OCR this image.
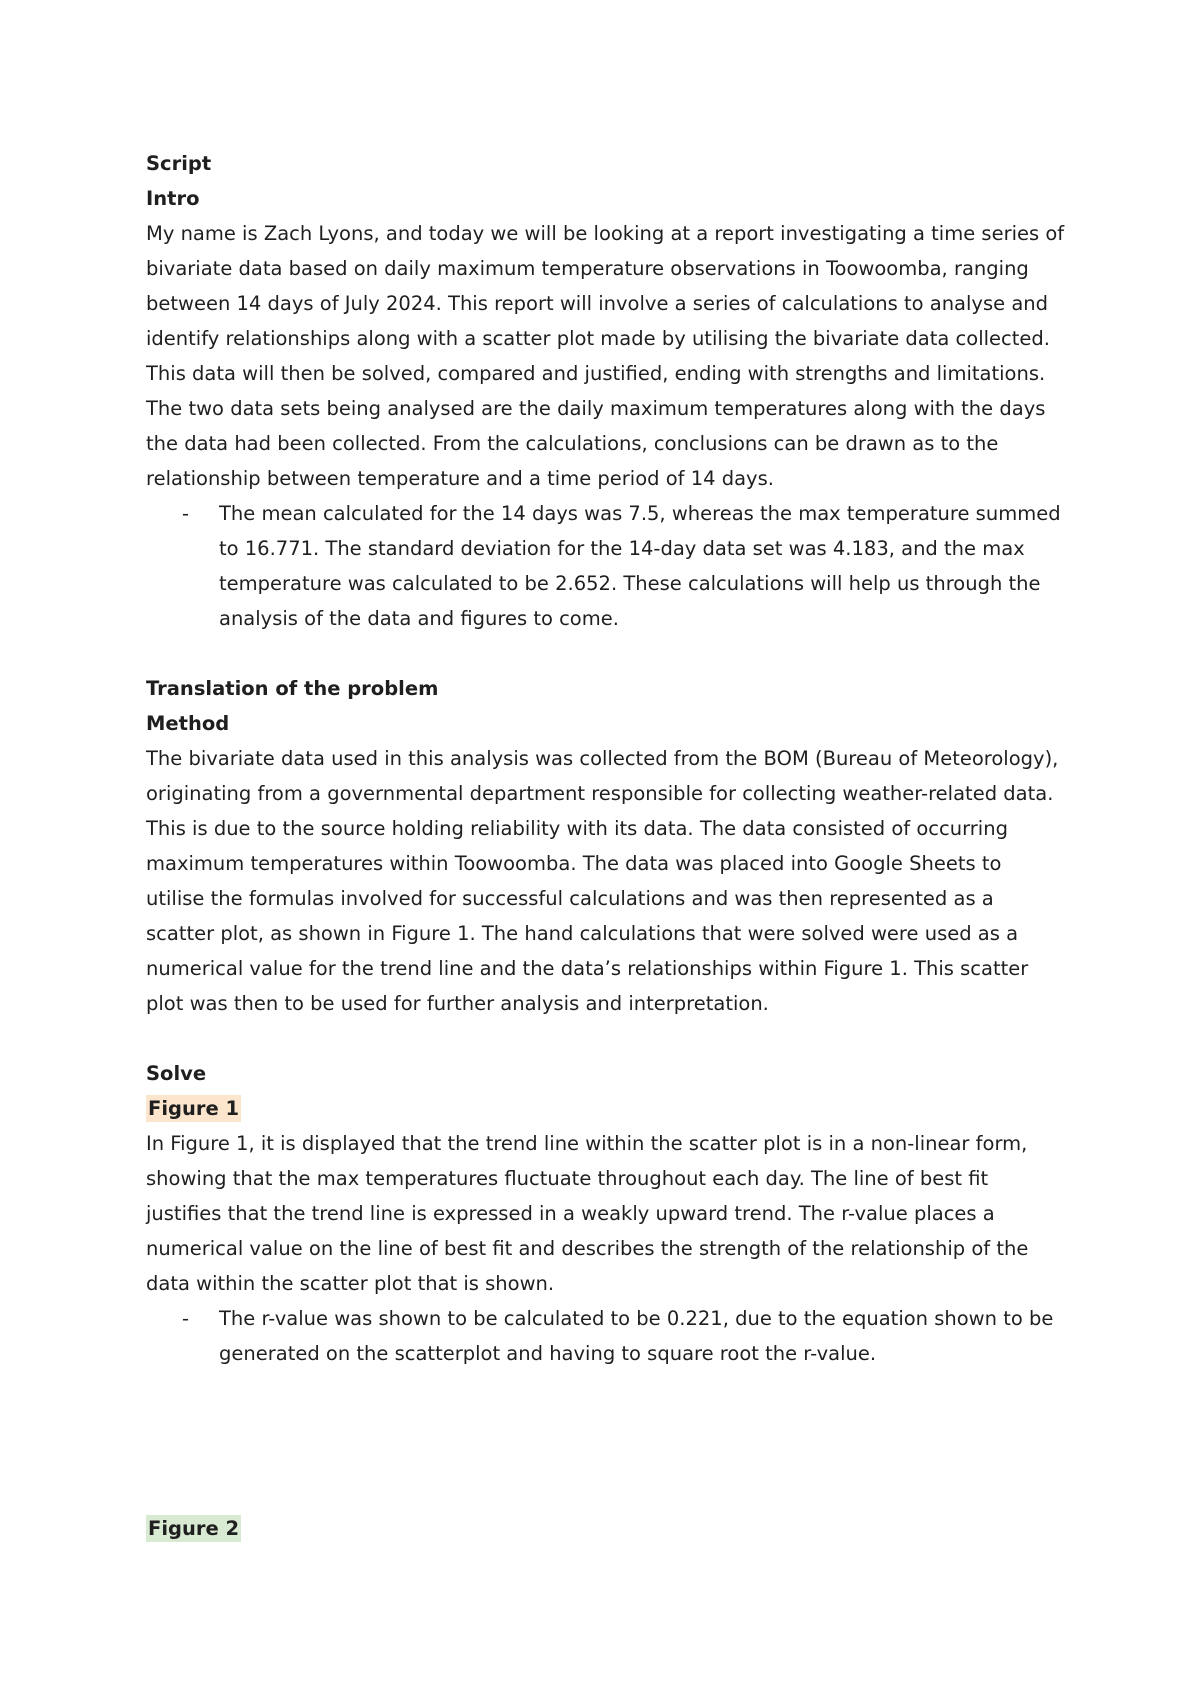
Script

Intro

My name is Zach Lyons, and today we will be looking at a report investigating a time series of bivariate data based on daily maximum temperature observations in Toowoomba, ranging between 14 days of July 2024. This report will involve a series of calculations to analyse and identify relationships along with a scatter plot made by utilising the bivariate data collected. This data will then be solved, compared and justified, ending with strengths and limitations. The two data sets being analysed are the daily maximum temperatures along with the days the data had been collected. From the calculations, conclusions can be drawn as to the relationship between temperature and a time period of 14 days.

- The mean calculated for the 14 days was 7.5, whereas the max temperature summed to 16.771. The standard deviation for the 14-day data set was 4.183, and the max temperature was calculated to be 2.652. These calculations will help us through the analysis of the data and figures to come.

Translation of the problem

Method

The bivariate data used in this analysis was collected from the BOM (Bureau of Meteorology), originating from a governmental department responsible for collecting weather-related data. This is due to the source holding reliability with its data. The data consisted of occurring maximum temperatures within Toowoomba. The data was placed into Google Sheets to utilise the formulas involved for successful calculations and was then represented as a scatter plot, as shown in Figure 1. The hand calculations that were solved were used as a numerical value for the trend line and the data’s relationships within Figure 1. This scatter plot was then to be used for further analysis and interpretation.

Solve

Figure 1

In Figure 1, it is displayed that the trend line within the scatter plot is in a non-linear form, showing that the max temperatures fluctuate throughout each day. The line of best fit justifies that the trend line is expressed in a weakly upward trend. The r-value places a numerical value on the line of best fit and describes the strength of the relationship of the data within the scatter plot that is shown.

- The r-value was shown to be calculated to be 0.221, due to the equation shown to be generated on the scatterplot and having to square root the r-value.

Figure 2
